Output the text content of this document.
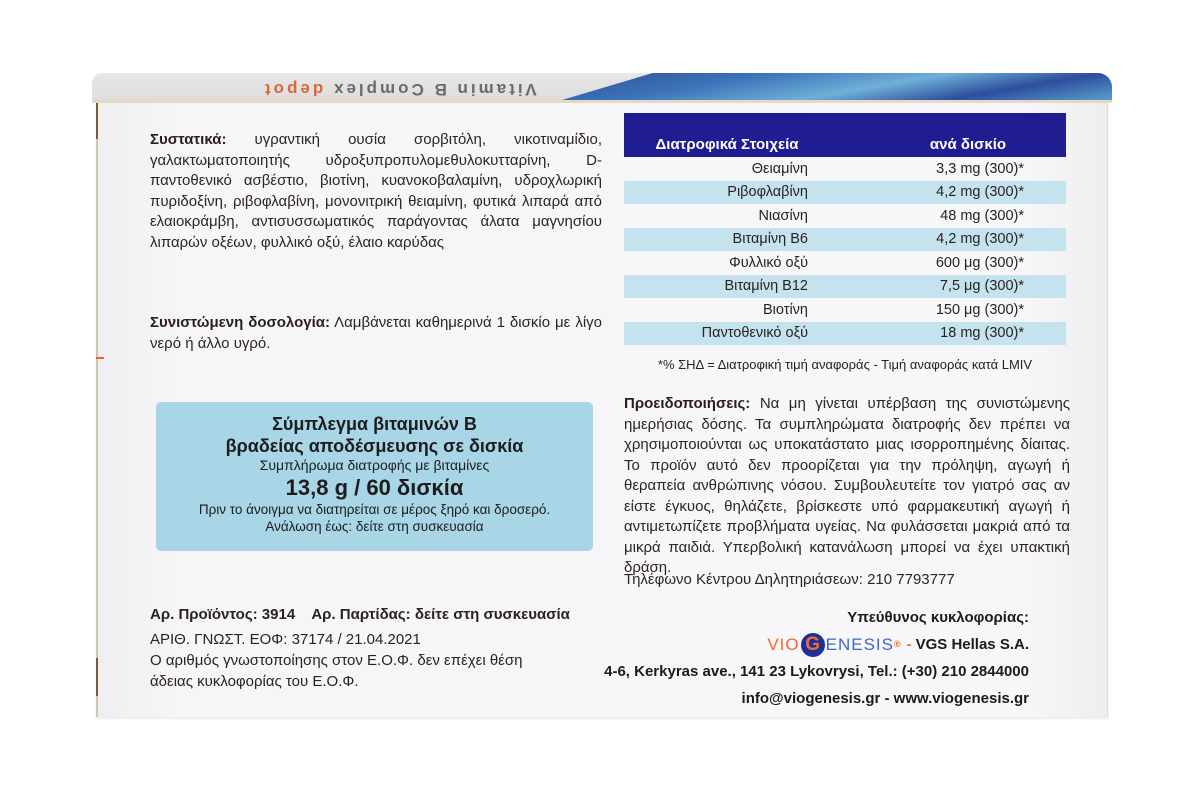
Vitamin B Complex depot
Συστατικά: υγραντική ουσία σορβιτόλη, νικοτιναμίδιο, γαλακτωματοποιητής υδροξυπροπυλομεθυλοκυτταρίνη, D-παντοθενικό ασβέστιο, βιοτίνη, κυανοκοβαλαμίνη, υδροχλωρική πυριδοξίνη, ριβοφλαβίνη, μονονιτρική θειαμίνη, φυτικά λιπαρά από ελαιοκράμβη, αντισυσσωματικός παράγοντας άλατα μαγνησίου λιπαρών οξέων, φυλλικό οξύ, έλαιο καρύδας
Συνιστώμενη δοσολογία: Λαμβάνεται καθημερινά 1 δισκίο με λίγο νερό ή άλλο υγρό.
Σύμπλεγμα βιταμινών Β
βραδείας αποδέσμευσης σε δισκία
Συμπλήρωμα διατροφής με βιταμίνες
13,8 g / 60 δισκία
Πριν το άνοιγμα να διατηρείται σε μέρος ξηρό και δροσερό.
Ανάλωση έως: δείτε στη συσκευασία
Αρ. Προϊόντος: 3914 Αρ. Παρτίδας: δείτε στη συσκευασία
ΑΡΙΘ. ΓΝΩΣΤ. ΕΟΦ: 37174 / 21.04.2021
Ο αριθμός γνωστοποίησης στον Ε.Ο.Φ. δεν επέχει θέση
άδειας κυκλοφορίας του Ε.Ο.Φ.
Διατροφικά Στοιχεία	ανά δισκίο
Θειαμίνη	3,3 mg (300)*
Ριβοφλαβίνη	4,2 mg (300)*
Νιασίνη	48 mg (300)*
Βιταμίνη Β6	4,2 mg (300)*
Φυλλικό οξύ	600 μg (300)*
Βιταμίνη Β12	7,5 μg (300)*
Βιοτίνη	150 μg (300)*
Παντοθενικό οξύ	18 mg (300)*
*% ΣΗΔ = Διατροφική τιμή αναφοράς - Τιμή αναφοράς κατά LMIV
Προειδοποιήσεις: Να μη γίνεται υπέρβαση της συνιστώμενης ημερήσιας δόσης. Τα συμπληρώματα διατροφής δεν πρέπει να χρησιμοποιούνται ως υποκατάστατο μιας ισορροπημένης δίαιτας. Το προϊόν αυτό δεν προορίζεται για την πρόληψη, αγωγή ή θεραπεία ανθρώπινης νόσου. Συμβουλευτείτε τον γιατρό σας αν είστε έγκυος, θηλάζετε, βρίσκεστε υπό φαρμακευτική αγωγή ή αντιμετωπίζετε προβλήματα υγείας. Να φυλάσσεται μακριά από τα μικρά παιδιά. Υπερβολική κατανάλωση μπορεί να έχει υπακτική δράση.
Τηλέφωνο Κέντρου Δηλητηριάσεων: 210 7793777
Υπεύθυνος κυκλοφορίας:
VIO G ENESIS ® - VGS Hellas S.A.
4-6, Kerkyras ave., 141 23 Lykovrysi, Tel.: (+30) 210 2844000
info@viogenesis.gr - www.viogenesis.gr
